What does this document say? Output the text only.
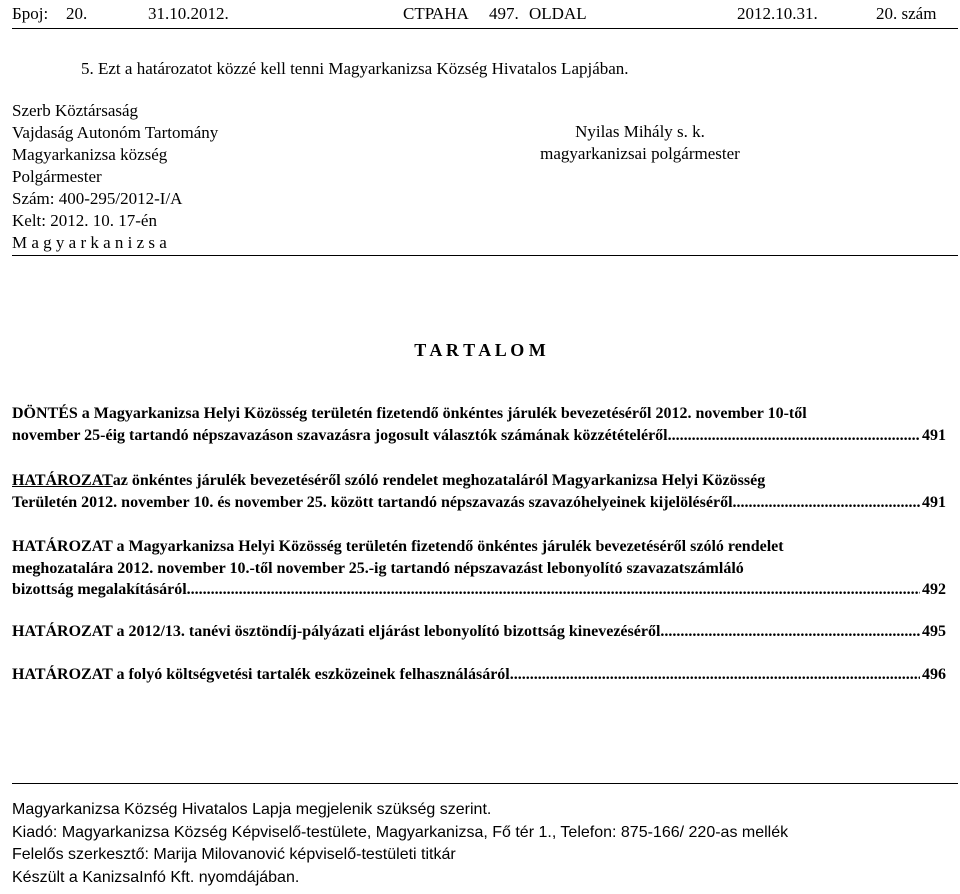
Број: 20.	31.10.2012.	СТРАНА 497. OLDAL	2012.10.31.	20. szám
5. Ezt a határozatot közzé kell tenni Magyarkanizsa Község Hivatalos Lapjában.
Szerb Köztársaság
Vajdaság Autonóm Tartomány
Magyarkanizsa község
Polgármester
Szám: 400-295/2012-I/A
Kelt: 2012. 10. 17-én
M a g y a r k a n i z s a
Nyilas Mihály s. k.
magyarkanizsai polgármester
T A R T A L O M
DÖNTÉS a Magyarkanizsa Helyi Közösség területén fizetendő önkéntes járulék bevezetéséről 2012. november 10-től
november 25-éig tartandó népszavazáson szavazásra jogosult választók számának közzétételéről .....	491
HATÁROZAT az önkéntes járulék bevezetéséről szóló rendelet meghozataláról Magyarkanizsa Helyi Közösség
Területén 2012. november 10. és november 25. között tartandó népszavazás szavazóhelyeinek kijelöléséről .....	491
HATÁROZAT a Magyarkanizsa Helyi Közösség területén fizetendő önkéntes járulék bevezetéséről szóló rendelet
meghozatalára 2012. november 10.-től november 25.-ig tartandó népszavazást lebonyolító szavazatszámláló
bizottság megalakításáról .....	492
HATÁROZAT a 2012/13. tanévi ösztöndíj-pályázati eljárást lebonyolító bizottság kinevezéséről .....	495
HATÁROZAT a folyó költségvetési tartalék eszközeinek felhasználásáról .....	496
Magyarkanizsa Község Hivatalos Lapja megjelenik szükség szerint.
Kiadó: Magyarkanizsa Község Képviselő-testülete, Magyarkanizsa, Fő tér 1., Telefon: 875-166/ 220-as mellék
Felelős szerkesztő: Marija Milovanović képviselő-testületi titkár
Készült a KanizsaInfó Kft. nyomdájában.
